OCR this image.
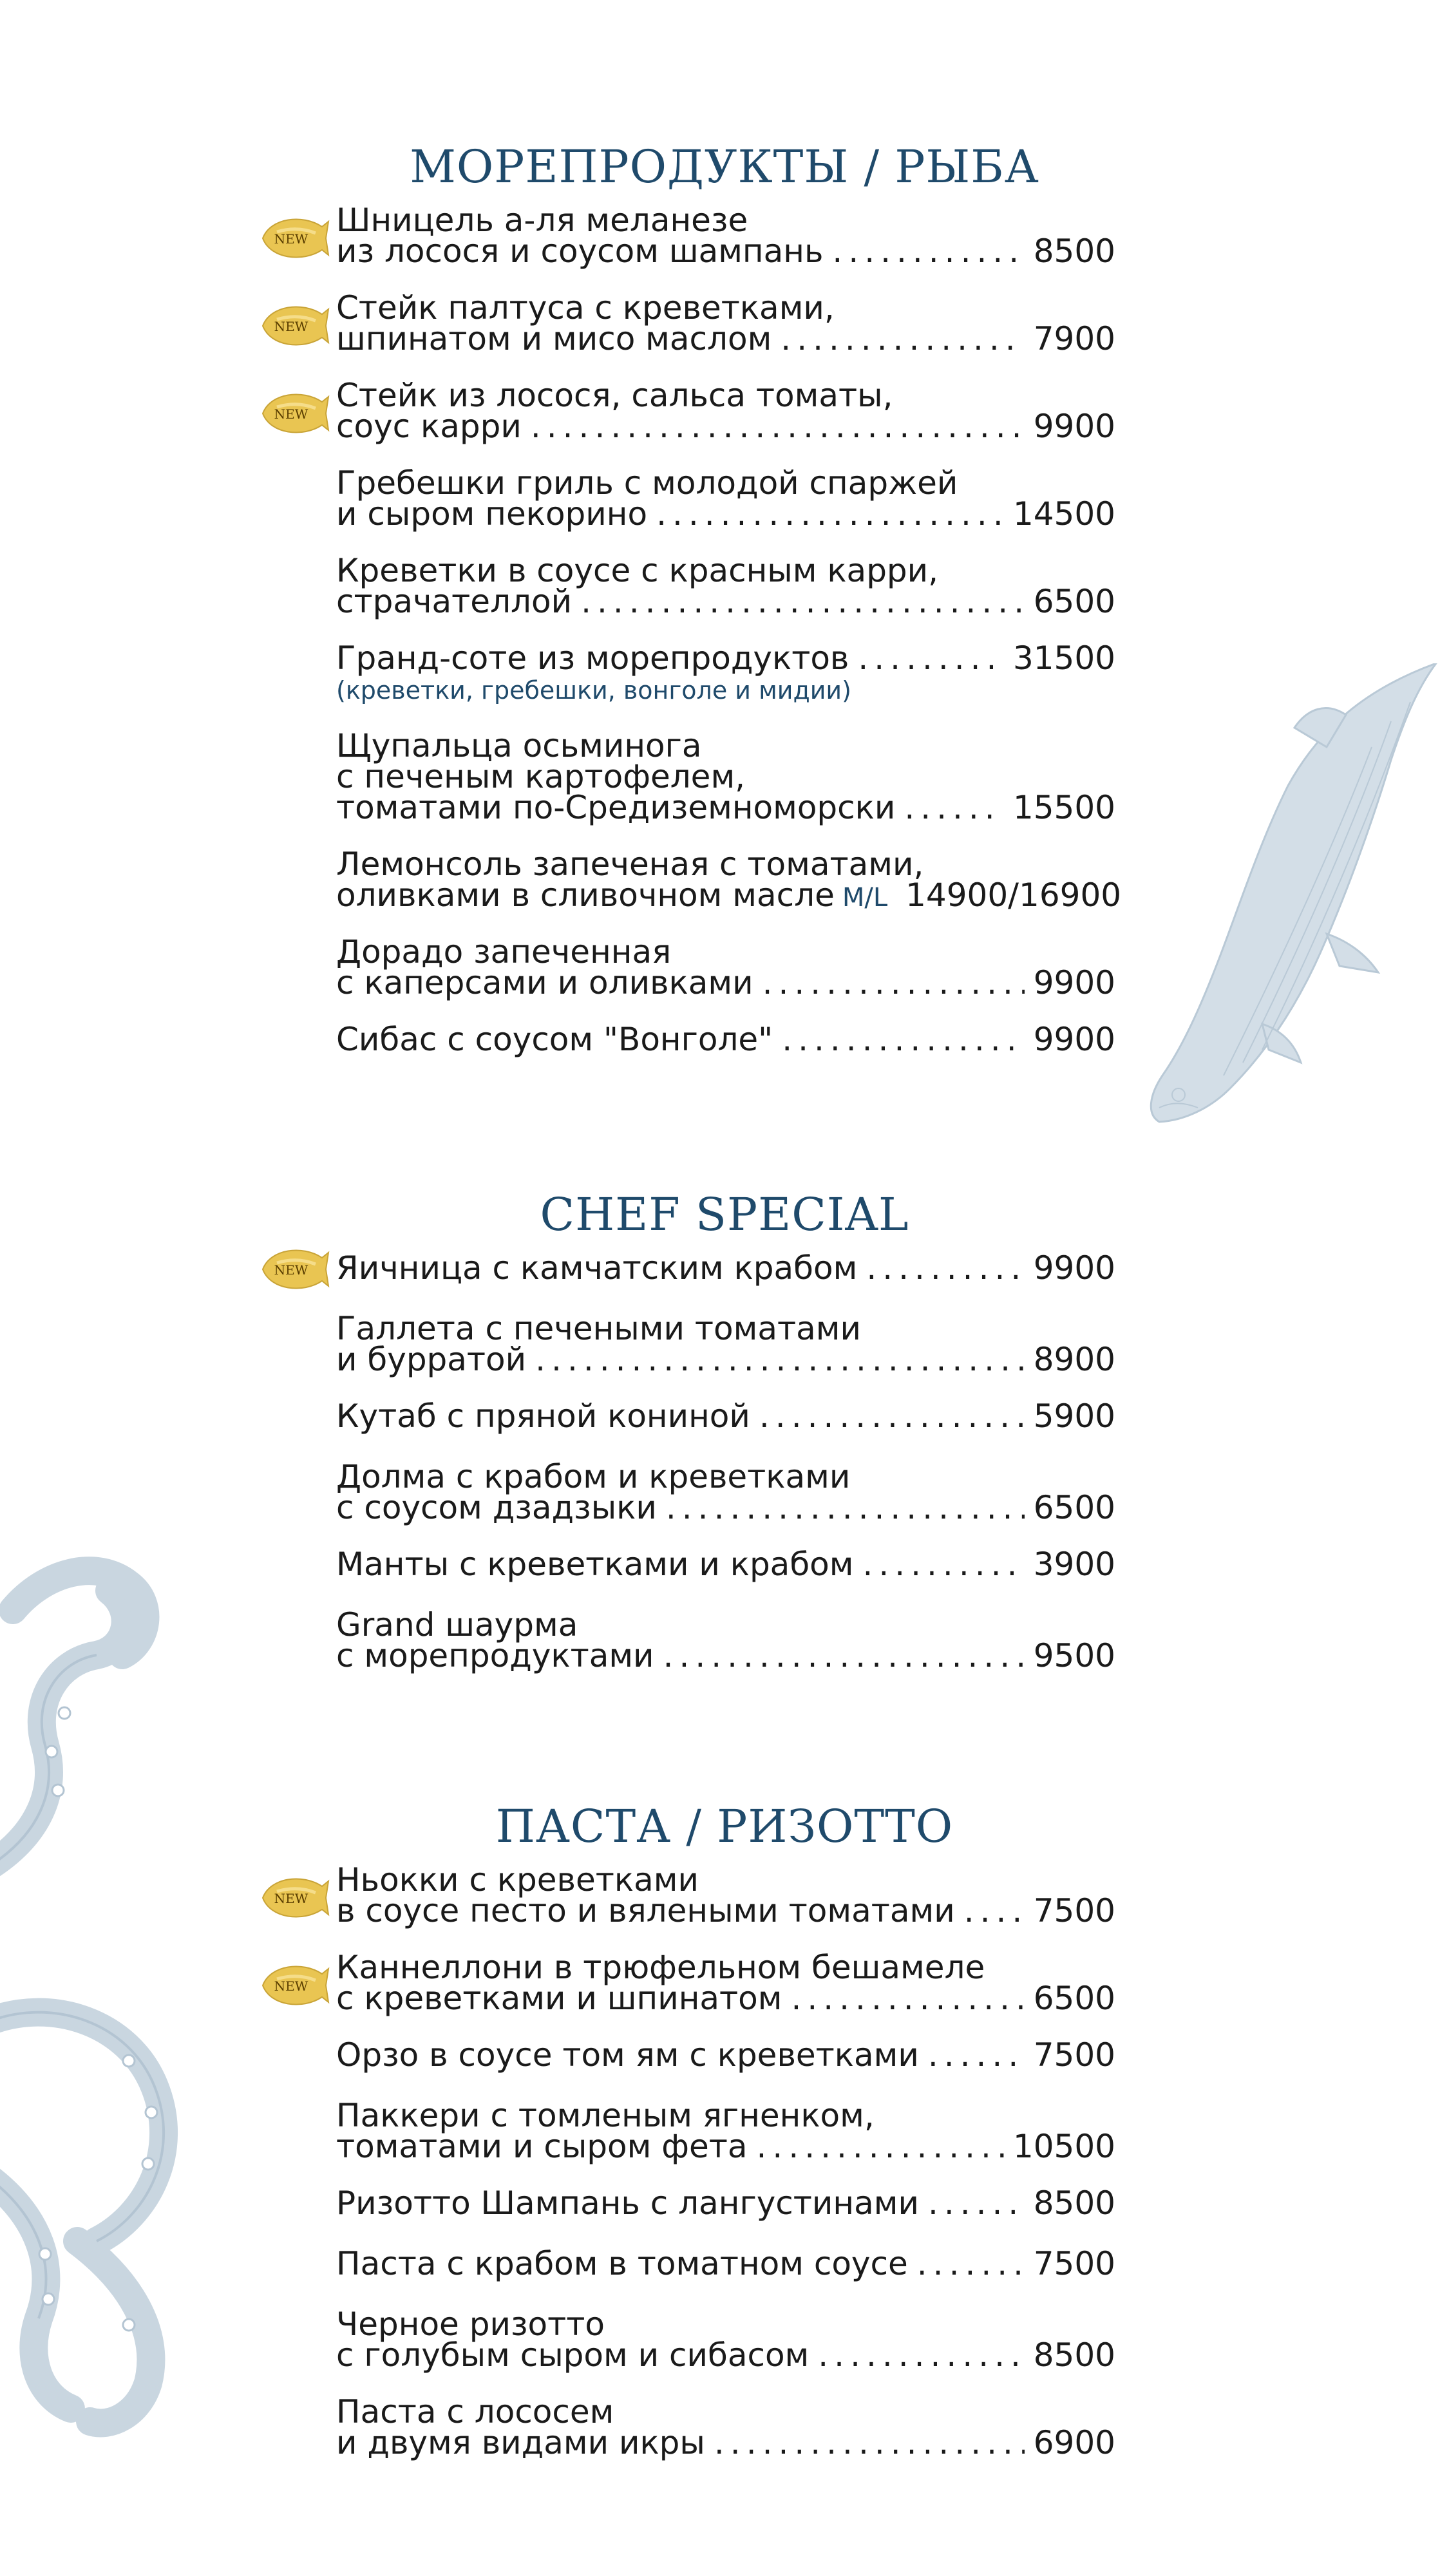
МОРЕПРОДУКТЫ / РЫБА
NEW Шницель а-ля меланезе
из лосося и соусом шампань .....	8500
NEW Стейк палтуса с креветками,
шпинатом и мисо маслом .....	7900
NEW Стейк из лосося, сальса томаты,
соус карри .....	9900
Гребешки гриль с молодой спаржей
и сыром пекорино .....	14500
Креветки в соусе с красным карри,
страчателлой .....	6500
Гранд-соте из морепродуктов .....	31500
(креветки, гребешки, вонголе и мидии)
Щупальца осьминога
с печеным картофелем,
томатами по-Средиземноморски .....	15500
Лемонсоль запеченая с томатами,
оливками в сливочном масле M/L 14900/16900
Дорадо запеченная
с каперсами и оливками .....	9900
Сибас с соусом "Вонголе" .....	9900
CHEF SPECIAL
NEW Яичница с камчатским крабом .....	9900
Галлета с печеными томатами
и бурратой .....	8900
Кутаб с пряной кониной .....	5900
Долма с крабом и креветками
с соусом дзадзыки .....	6500
Манты с креветками и крабом .....	3900
Grand шаурма
с морепродуктами .....	9500
ПАСТА / РИЗОТТО
NEW Ньокки с креветками
в соусе песто и вялеными томатами ..... 7500
NEW Каннеллони в трюфельном бешамеле
с креветками и шпинатом .....	6500
Орзо в соусе том ям с креветками .....	7500
Паккери с томленым ягненком,
томатами и сыром фета .....	10500
Ризотто Шампань с лангустинами .....	8500
Паста с крабом в томатном соусе .....	7500
Черное ризотто
с голубым сыром и сибасом .....	8500
Паста с лососем
и двумя видами икры .....	6900
